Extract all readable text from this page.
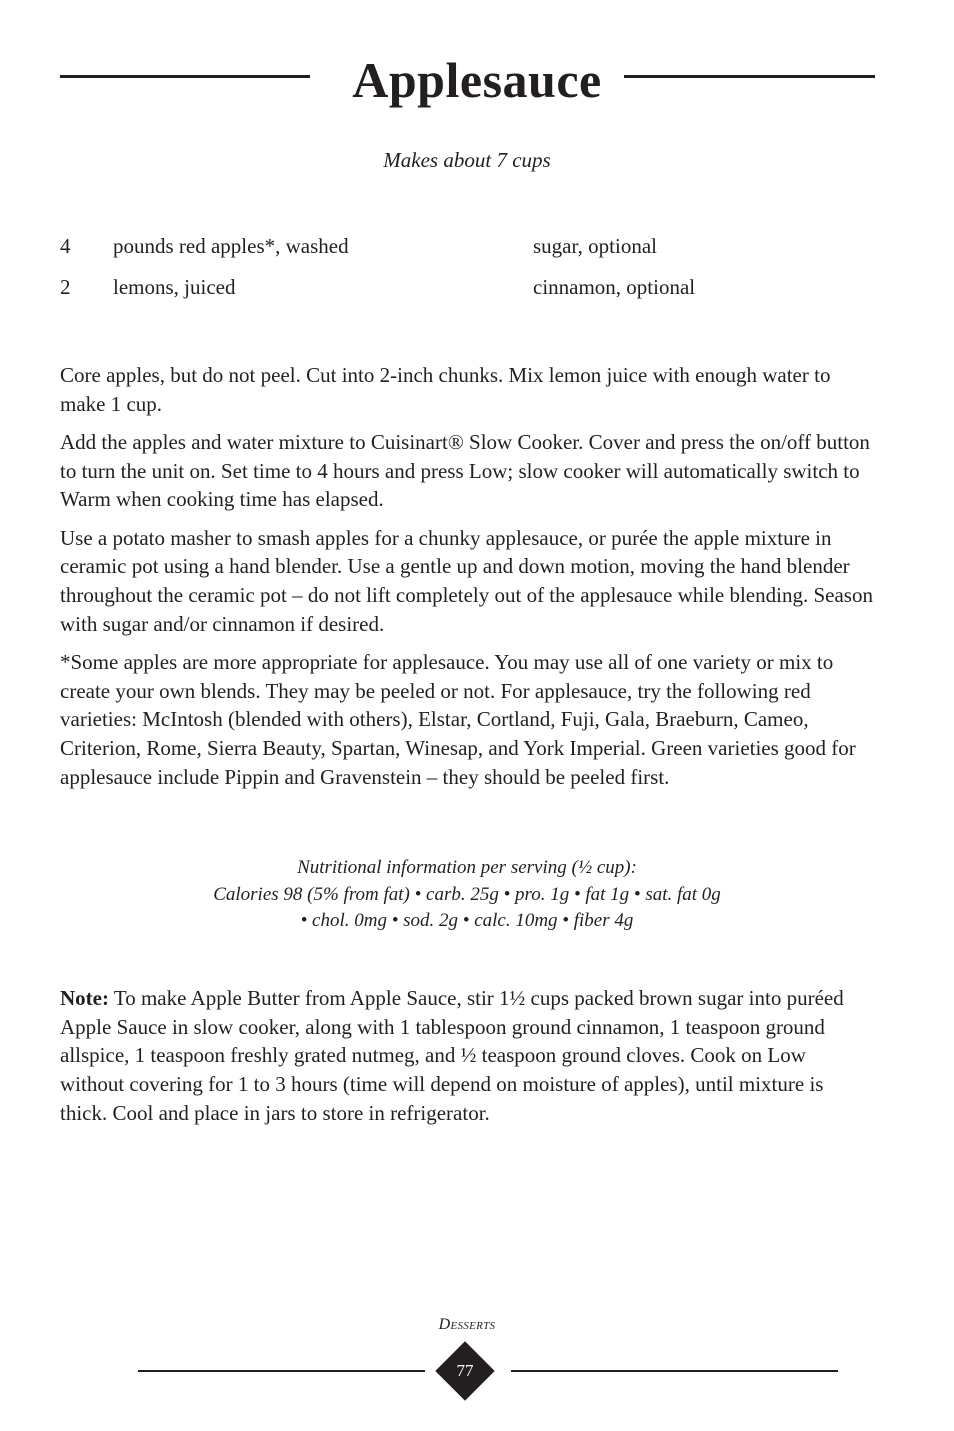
Applesauce
Makes about 7 cups
4 pounds red apples*, washed
2 lemons, juiced
sugar, optional
cinnamon, optional

Core apples, but do not peel. Cut into 2-inch chunks. Mix lemon juice with enough water to make 1 cup.

Add the apples and water mixture to Cuisinart® Slow Cooker. Cover and press the on/off button to turn the unit on. Set time to 4 hours and press Low; slow cooker will automatically switch to Warm when cooking time has elapsed.

Use a potato masher to smash apples for a chunky applesauce, or purée the apple mixture in ceramic pot using a hand blender. Use a gentle up and down motion, moving the hand blender throughout the ceramic pot – do not lift completely out of the applesauce while blending. Season with sugar and/or cinnamon if desired.

*Some apples are more appropriate for applesauce. You may use all of one variety or mix to create your own blends. They may be peeled or not. For applesauce, try the following red varieties: McIntosh (blended with others), Elstar, Cortland, Fuji, Gala, Braeburn, Cameo, Criterion, Rome, Sierra Beauty, Spartan, Winesap, and York Imperial. Green varieties good for applesauce include Pippin and Gravenstein – they should be peeled first.

Nutritional information per serving (½ cup):
Calories 98 (5% from fat) • carb. 25g • pro. 1g • fat 1g • sat. fat 0g
• chol. 0mg • sod. 2g • calc. 10mg • fiber 4g
Note: To make Apple Butter from Apple Sauce, stir 1½ cups packed brown sugar into puréed Apple Sauce in slow cooker, along with 1 tablespoon ground cinnamon, 1 teaspoon ground allspice, 1 teaspoon freshly grated nutmeg, and ½ teaspoon ground cloves. Cook on Low without covering for 1 to 3 hours (time will depend on moisture of apples), until mixture is thick. Cool and place in jars to store in refrigerator.
Desserts
77
